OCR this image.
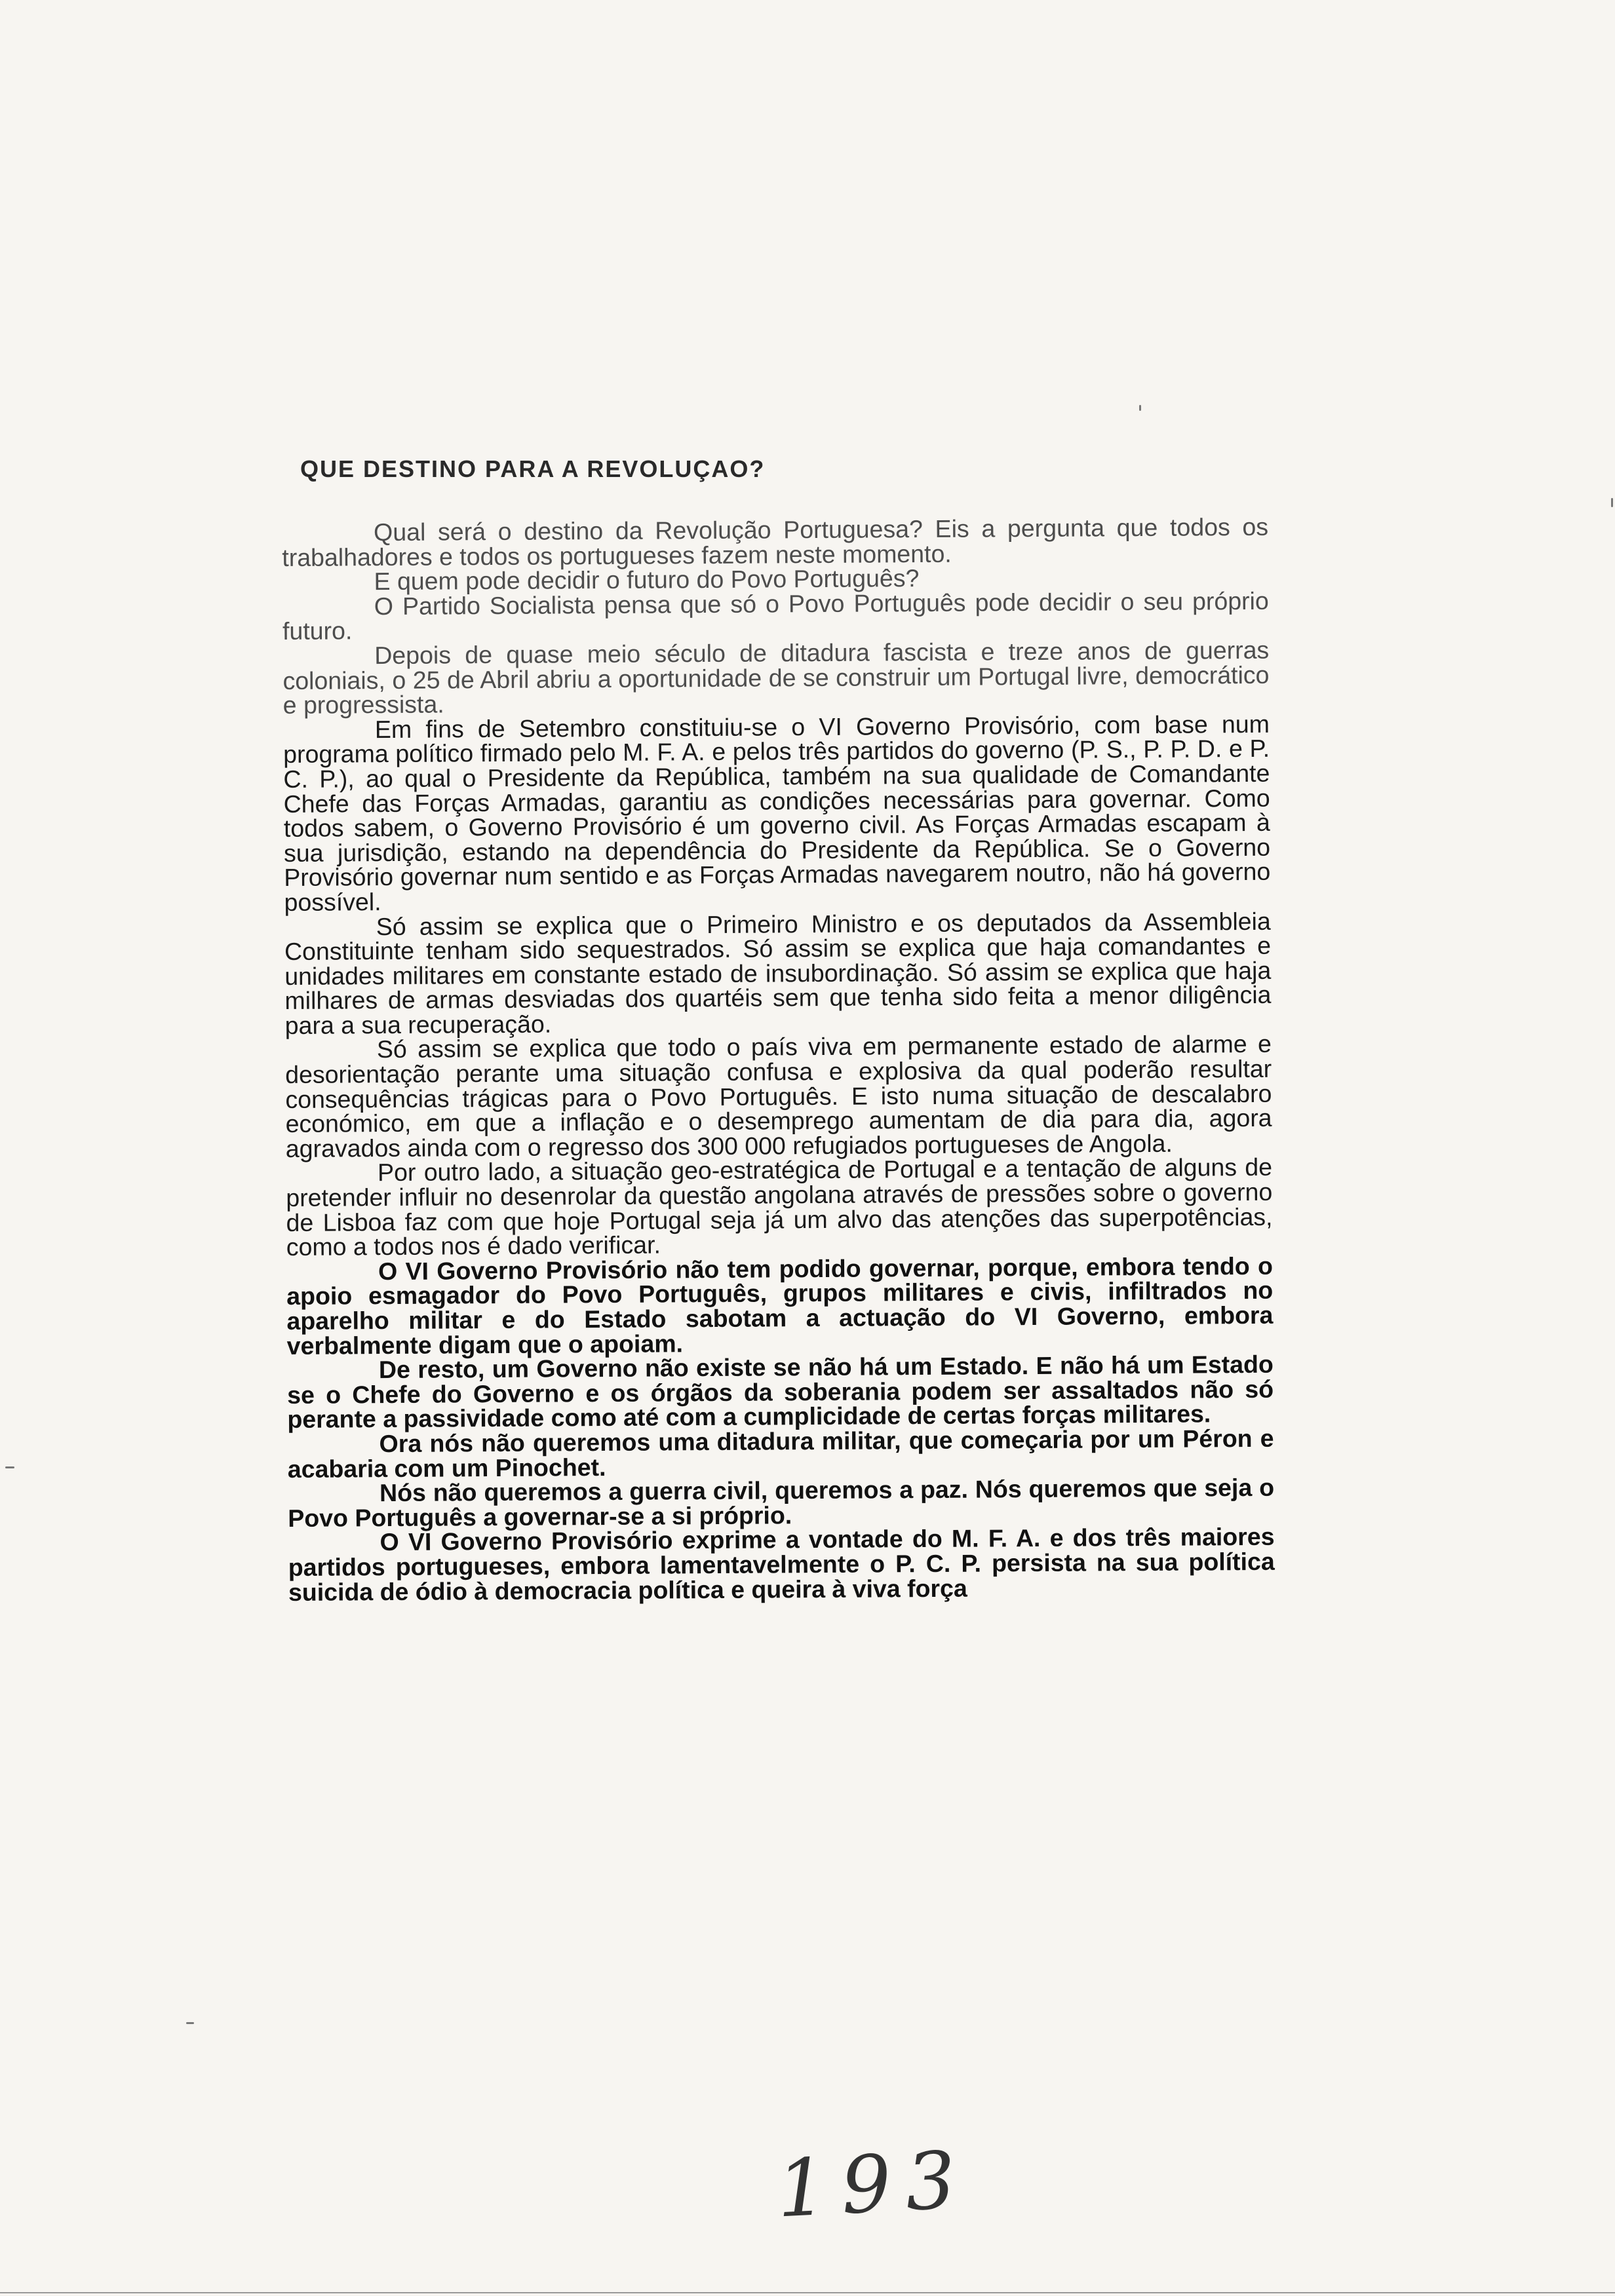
QUE DESTINO PARA A REVOLUÇAO?

Qual será o destino da Revolução Portuguesa? Eis a pergunta que todos os trabalhadores e todos os portugueses fazem neste momento.

E quem pode decidir o futuro do Povo Português?

O Partido Socialista pensa que só o Povo Português pode decidir o seu próprio futuro.

Depois de quase meio século de ditadura fascista e treze anos de guerras coloniais, o 25 de Abril abriu a oportunidade de se construir um Portugal livre, democrático e progressista.

Em fins de Setembro constituiu-se o VI Governo Provisório, com base num programa político firmado pelo M. F. A. e pelos três partidos do governo (P. S., P. P. D. e P. C. P.), ao qual o Presidente da República, também na sua qualidade de Comandante Chefe das Forças Armadas, garantiu as condições necessárias para governar. Como todos sabem, o Governo Provisório é um governo civil. As Forças Armadas escapam à sua jurisdição, estando na dependência do Presidente da República. Se o Governo Provisório governar num sentido e as Forças Armadas navegarem noutro, não há governo possível.

Só assim se explica que o Primeiro Ministro e os deputados da Assembleia Constituinte tenham sido sequestrados. Só assim se explica que haja comandantes e unidades militares em constante estado de insubordinação. Só assim se explica que haja milhares de armas desviadas dos quartéis sem que tenha sido feita a menor diligência para a sua recuperação.

Só assim se explica que todo o país viva em permanente estado de alarme e desorientação perante uma situação confusa e explosiva da qual poderão resultar consequências trágicas para o Povo Português. E isto numa situação de descalabro económico, em que a inflação e o desemprego aumentam de dia para dia, agora agravados ainda com o regresso dos 300 000 refugiados portugueses de Angola.

Por outro lado, a situação geo-estratégica de Portugal e a tentação de alguns de pretender influir no desenrolar da questão angolana através de pressões sobre o governo de Lisboa faz com que hoje Portugal seja já um alvo das atenções das superpotências, como a todos nos é dado verificar.

O VI Governo Provisório não tem podido governar, porque, embora tendo o apoio esmagador do Povo Português, grupos militares e civis, infiltrados no aparelho militar e do Estado sabotam a actuação do VI Governo, embora verbalmente digam que o apoiam.

De resto, um Governo não existe se não há um Estado. E não há um Estado se o Chefe do Governo e os órgãos da soberania podem ser assaltados não só perante a passividade como até com a cumplicidade de certas forças militares.

Ora nós não queremos uma ditadura militar, que começaria por um Péron e acabaria com um Pinochet.

Nós não queremos a guerra civil, queremos a paz. Nós queremos que seja o Povo Português a governar-se a si próprio.

O VI Governo Provisório exprime a vontade do M. F. A. e dos três maiores partidos portugueses, embora lamentavelmente o P. C. P. persista na sua política suicida de ódio à democracia política e queira à viva força

193
